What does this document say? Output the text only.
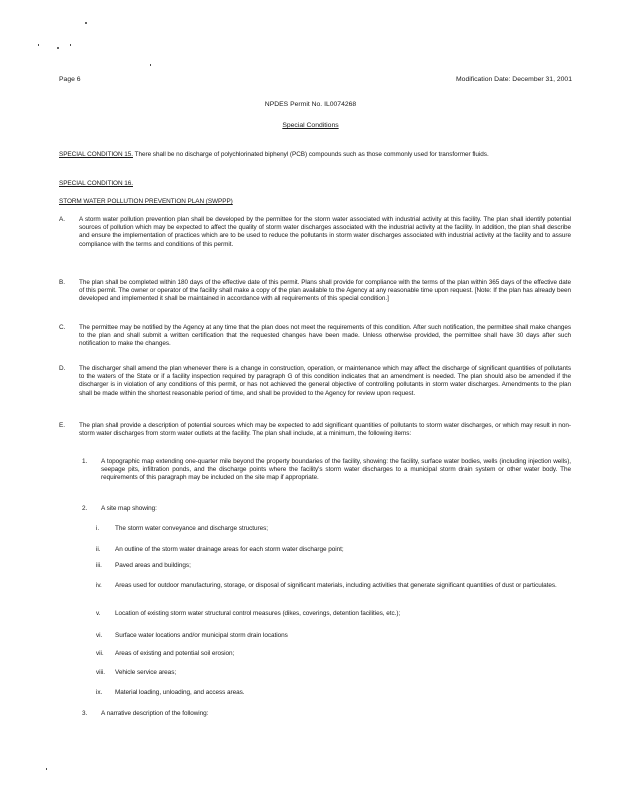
Page 6	Modification Date: December 31, 2001
NPDES Permit No. IL0074268
Special Conditions
SPECIAL CONDITION 15. There shall be no discharge of polychlorinated biphenyl (PCB) compounds such as those commonly used for transformer fluids.
SPECIAL CONDITION 16.
STORM WATER POLLUTION PREVENTION PLAN (SWPPP)
A. A storm water pollution prevention plan shall be developed by the permittee for the storm water associated with industrial activity at this facility. The plan shall identify potential sources of pollution which may be expected to affect the quality of storm water discharges associated with the industrial activity at the facility. In addition, the plan shall describe and ensure the implementation of practices which are to be used to reduce the pollutants in storm water discharges associated with industrial activity at the facility and to assure compliance with the terms and conditions of this permit.
B. The plan shall be completed within 180 days of the effective date of this permit. Plans shall provide for compliance with the terms of the plan within 365 days of the effective date of this permit. The owner or operator of the facility shall make a copy of the plan available to the Agency at any reasonable time upon request. [Note: If the plan has already been developed and implemented it shall be maintained in accordance with all requirements of this special condition.]
C. The permittee may be notified by the Agency at any time that the plan does not meet the requirements of this condition. After such notification, the permittee shall make changes to the plan and shall submit a written certification that the requested changes have been made. Unless otherwise provided, the permittee shall have 30 days after such notification to make the changes.
D. The discharger shall amend the plan whenever there is a change in construction, operation, or maintenance which may affect the discharge of significant quantities of pollutants to the waters of the State or if a facility inspection required by paragraph G of this condition indicates that an amendment is needed. The plan should also be amended if the discharger is in violation of any conditions of this permit, or has not achieved the general objective of controlling pollutants in storm water discharges. Amendments to the plan shall be made within the shortest reasonable period of time, and shall be provided to the Agency for review upon request.
E. The plan shall provide a description of potential sources which may be expected to add significant quantities of pollutants to storm water discharges, or which may result in non-storm water discharges from storm water outlets at the facility. The plan shall include, at a minimum, the following items:
1. A topographic map extending one-quarter mile beyond the property boundaries of the facility, showing: the facility, surface water bodies, wells (including injection wells), seepage pits, infiltration ponds, and the discharge points where the facility's storm water discharges to a municipal storm drain system or other water body. The requirements of this paragraph may be included on the site map if appropriate.
2. A site map showing:
i. The storm water conveyance and discharge structures;
ii. An outline of the storm water drainage areas for each storm water discharge point;
iii. Paved areas and buildings;
iv. Areas used for outdoor manufacturing, storage, or disposal of significant materials, including activities that generate significant quantities of dust or particulates.
v. Location of existing storm water structural control measures (dikes, coverings, detention facilities, etc.);
vi. Surface water locations and/or municipal storm drain locations
vii. Areas of existing and potential soil erosion;
viii. Vehicle service areas;
ix. Material loading, unloading, and access areas.
3. A narrative description of the following:
